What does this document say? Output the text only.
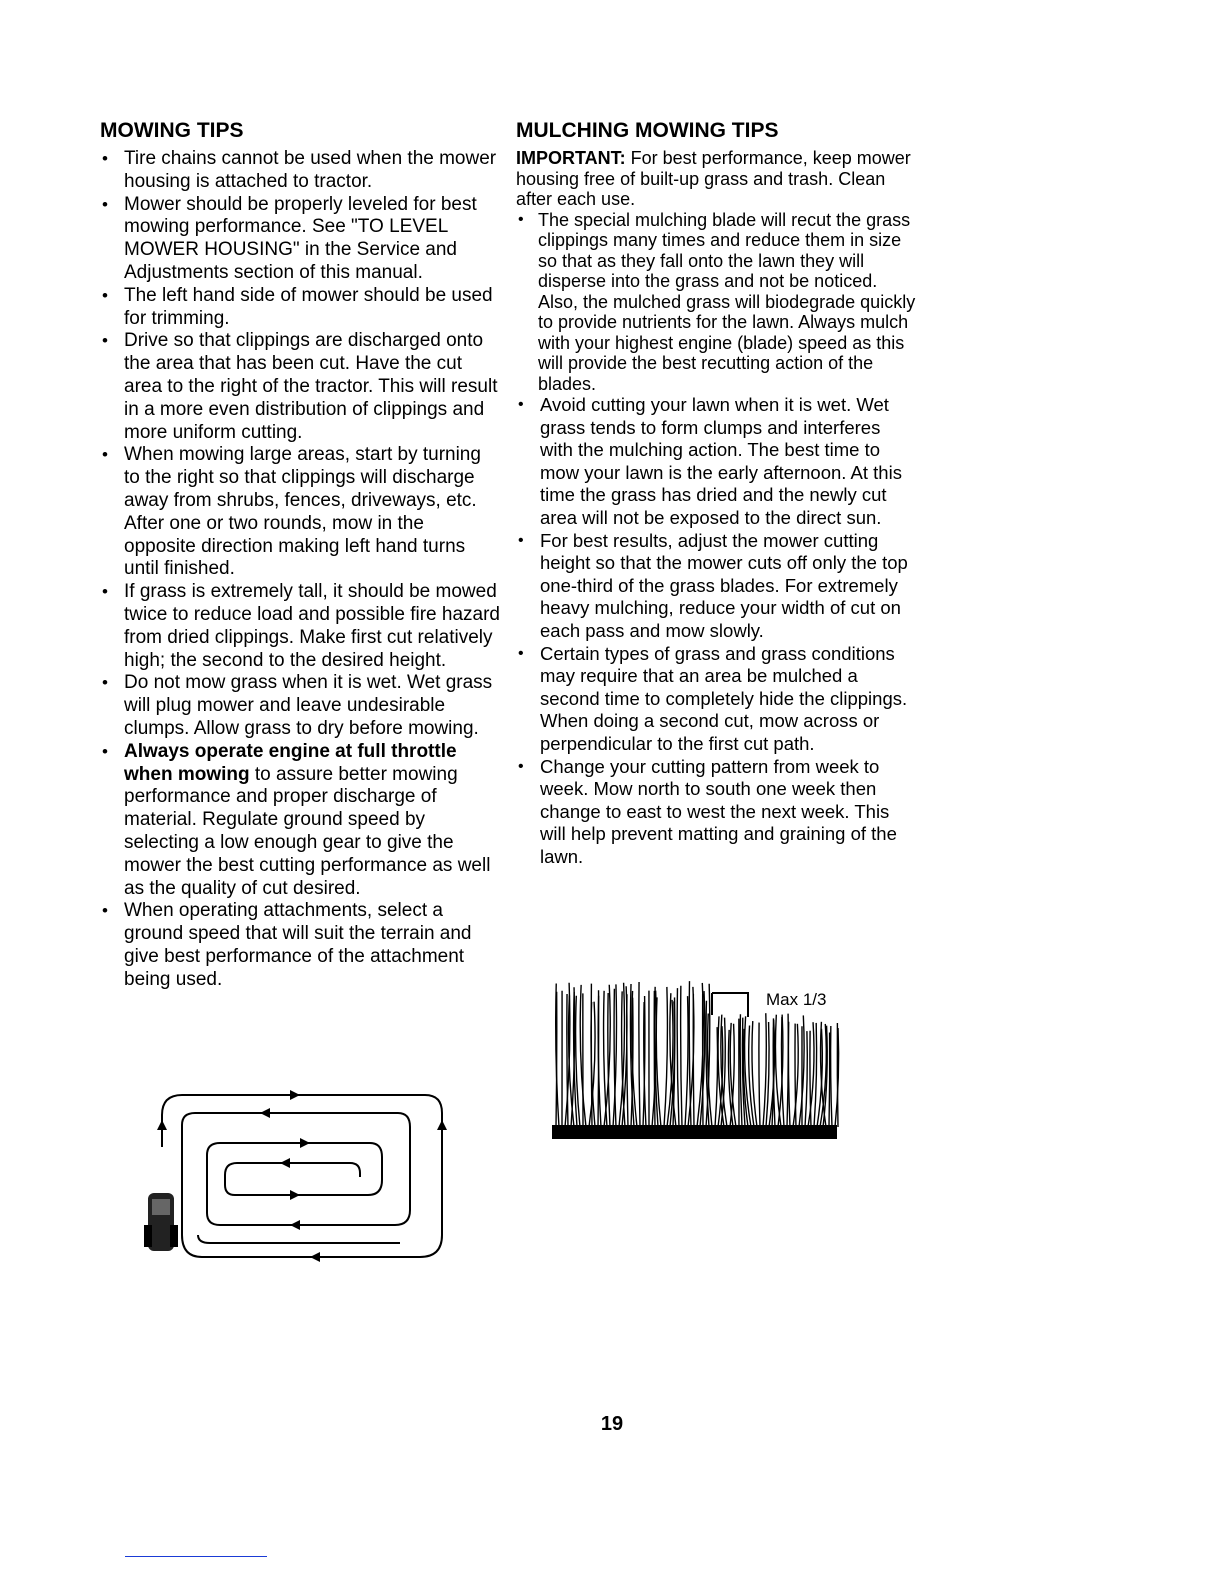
MOWING TIPS
• Tire chains cannot be used when the mower housing is attached to tractor.
• Mower should be properly leveled for best mowing performance. See "TO LEVEL MOWER HOUSING" in the Service and Adjustments section of this manual.
• The left hand side of mower should be used for trimming.
• Drive so that clippings are discharged onto the area that has been cut. Have the cut area to the right of the tractor. This will result in a more even distribution of clippings and more uniform cutting.
• When mowing large areas, start by turning to the right so that clippings will discharge away from shrubs, fences, driveways, etc. After one or two rounds, mow in the opposite direction making left hand turns until finished.
• If grass is extremely tall, it should be mowed twice to reduce load and possible fire hazard from dried clippings. Make first cut relatively high; the second to the desired height.
• Do not mow grass when it is wet. Wet grass will plug mower and leave undesirable clumps. Allow grass to dry before mowing.
• Always operate engine at full throttle when mowing to assure better mowing performance and proper discharge of material. Regulate ground speed by selecting a low enough gear to give the mower the best cutting performance as well as the quality of cut desired.
• When operating attachments, select a ground speed that will suit the terrain and give best performance of the attachment being used.
MULCHING MOWING TIPS

IMPORTANT: For best performance, keep mower housing free of built-up grass and trash. Clean after each use.

• The special mulching blade will recut the grass clippings many times and reduce them in size so that as they fall onto the lawn they will disperse into the grass and not be noticed. Also, the mulched grass will biodegrade quickly to provide nutrients for the lawn. Always mulch with your highest engine (blade) speed as this will provide the best recutting action of the blades.
• Avoid cutting your lawn when it is wet. Wet grass tends to form clumps and interferes with the mulching action. The best time to mow your lawn is the early afternoon. At this time the grass has dried and the newly cut area will not be exposed to the direct sun.
• For best results, adjust the mower cutting height so that the mower cuts off only the top one-third of the grass blades. For extremely heavy mulching, reduce your width of cut on each pass and mow slowly.
• Certain types of grass and grass conditions may require that an area be mulched a second time to completely hide the clippings. When doing a second cut, mow across or perpendicular to the first cut path.
• Change your cutting pattern from week to week. Mow north to south one week then change to east to west the next week. This will help prevent matting and graining of the lawn.
Max 1/3
19
